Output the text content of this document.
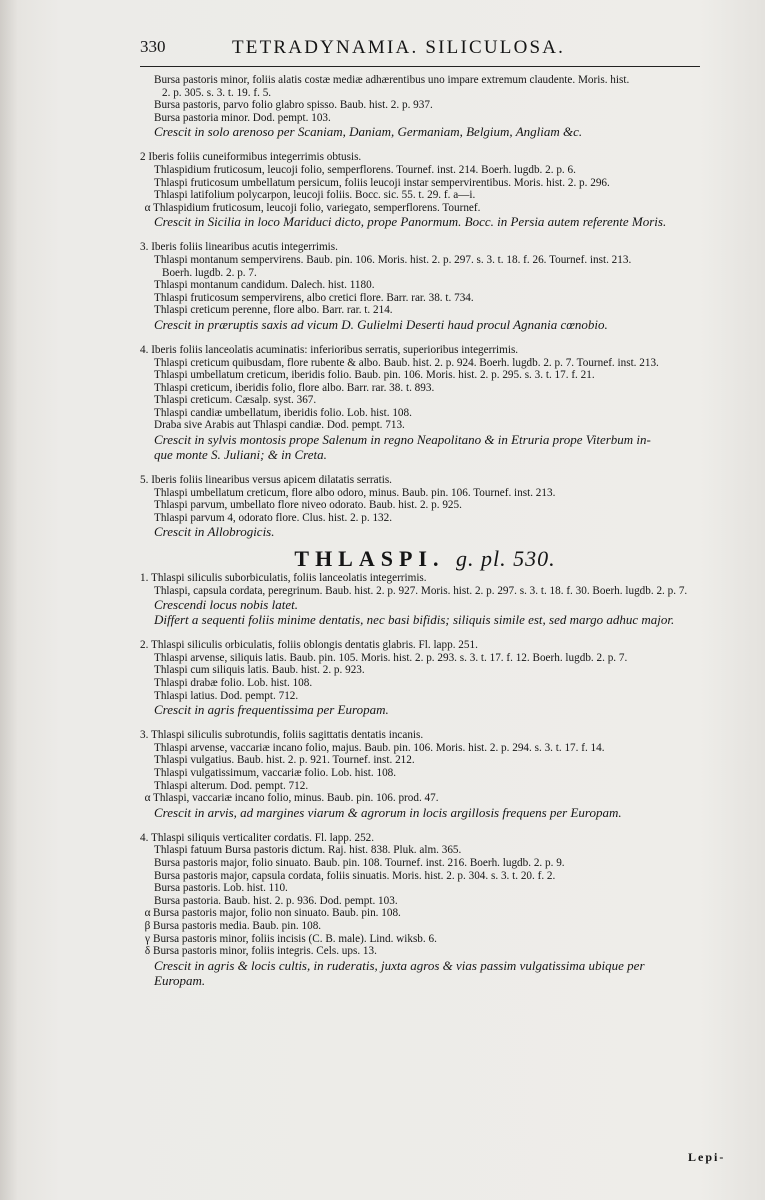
330	TETRADYNAMIA. SILICULOSA.
Bursa pastoris minor, foliis alatis costæ mediæ adhærentibus uno impare extremum claudente. Moris. hist.
2. p. 305. s. 3. t. 19. f. 5.
Bursa pastoris, parvo folio glabro spisso. Baub. hist. 2. p. 937.
Bursa pastoria minor. Dod. pempt. 103.
Crescit in solo arenoso per Scaniam, Daniam, Germaniam, Belgium, Angliam &c.
2 Iberis foliis cuneiformibus integerrimis obtusis.
Thlaspidium fruticosum, leucoji folio, semperflorens. Tournef. inst. 214. Boerh. lugdb. 2. p. 6.
Thlaspi fruticosum umbellatum persicum, foliis leucoji instar sempervirentibus. Moris. hist. 2. p. 296.
Thlaspi latifolium polycarpon, leucoji foliis. Bocc. sic. 55. t. 29. f. a—i.
α Thlaspidium fruticosum, leucoji folio, variegato, semperflorens. Tournef.
Crescit in Sicilia in loco Mariduci dicto, prope Panormum. Bocc. in Persia autem referente Moris.
3. Iberis foliis linearibus acutis integerrimis.
Thlaspi montanum sempervirens. Baub. pin. 106. Moris. hist. 2. p. 297. s. 3. t. 18. f. 26. Tournef. inst. 213.
Boerh. lugdb. 2. p. 7.
Thlaspi montanum candidum. Dalech. hist. 1180.
Thlaspi fruticosum sempervirens, albo cretici flore. Barr. rar. 38. t. 734.
Thlaspi creticum perenne, flore albo. Barr. rar. t. 214.
Crescit in præruptis saxis ad vicum D. Gulielmi Deserti haud procul Agnania cœnobio.
4. Iberis foliis lanceolatis acuminatis: inferioribus serratis, superioribus integerrimis.
Thlaspi creticum quibusdam, flore rubente & albo. Baub. hist. 2. p. 924. Boerh. lugdb. 2. p. 7. Tournef. inst. 213.
Thlaspi umbellatum creticum, iberidis folio. Baub. pin. 106. Moris. hist. 2. p. 295. s. 3. t. 17. f. 21.
Thlaspi creticum, iberidis folio, flore albo. Barr. rar. 38. t. 893.
Thlaspi creticum. Cæsalp. syst. 367.
Thlaspi candiæ umbellatum, iberidis folio. Lob. hist. 108.
Draba sive Arabis aut Thlaspi candiæ. Dod. pempt. 713.
Crescit in sylvis montosis prope Salenum in regno Neapolitano & in Etruria prope Viterbum in-
que monte S. Juliani; & in Creta.
5. Iberis foliis linearibus versus apicem dilatatis serratis.
Thlaspi umbellatum creticum, flore albo odoro, minus. Baub. pin. 106. Tournef. inst. 213.
Thlaspi parvum, umbellato flore niveo odorato. Baub. hist. 2. p. 925.
Thlaspi parvum 4, odorato flore. Clus. hist. 2. p. 132.
Crescit in Allobrogicis.
THLASPI. g. pl. 530.
1. Thlaspi siliculis suborbiculatis, foliis lanceolatis integerrimis.
Thlaspi, capsula cordata, peregrinum. Baub. hist. 2. p. 927. Moris. hist. 2. p. 297. s. 3. t. 18. f. 30. Boerh. lugdb. 2. p. 7.
Crescendi locus nobis latet.
Differt a sequenti foliis minime dentatis, nec basi bifidis; siliquis simile est, sed margo adhuc major.
2. Thlaspi siliculis orbiculatis, foliis oblongis dentatis glabris. Fl. lapp. 251.
Thlaspi arvense, siliquis latis. Baub. pin. 105. Moris. hist. 2. p. 293. s. 3. t. 17. f. 12. Boerh. lugdb. 2. p. 7.
Thlaspi cum siliquis latis. Baub. hist. 2. p. 923.
Thlaspi drabæ folio. Lob. hist. 108.
Thlaspi latius. Dod. pempt. 712.
Crescit in agris frequentissima per Europam.
3. Thlaspi siliculis subrotundis, foliis sagittatis dentatis incanis.
Thlaspi arvense, vaccariæ incano folio, majus. Baub. pin. 106. Moris. hist. 2. p. 294. s. 3. t. 17. f. 14.
Thlaspi vulgatius. Baub. hist. 2. p. 921. Tournef. inst. 212.
Thlaspi vulgatissimum, vaccariæ folio. Lob. hist. 108.
Thlaspi alterum. Dod. pempt. 712.
α Thlaspi, vaccariæ incano folio, minus. Baub. pin. 106. prod. 47.
Crescit in arvis, ad margines viarum & agrorum in locis argillosis frequens per Europam.
4. Thlaspi siliquis verticaliter cordatis. Fl. lapp. 252.
Thlaspi fatuum Bursa pastoris dictum. Raj. hist. 838. Pluk. alm. 365.
Bursa pastoris major, folio sinuato. Baub. pin. 108. Tournef. inst. 216. Boerh. lugdb. 2. p. 9.
Bursa pastoris major, capsula cordata, foliis sinuatis. Moris. hist. 2. p. 304. s. 3. t. 20. f. 2.
Bursa pastoris. Lob. hist. 110.
Bursa pastoria. Baub. hist. 2. p. 936. Dod. pempt. 103.
α Bursa pastoris major, folio non sinuato. Baub. pin. 108.
β Bursa pastoris media. Baub. pin. 108.
γ Bursa pastoris minor, foliis incisis (C. B. male). Lind. wiksb. 6.
δ Bursa pastoris minor, foliis integris. Cels. ups. 13.
Crescit in agris & locis cultis, in ruderatis, juxta agros & vias passim vulgatissima ubique per
Europam.
Lepi-
